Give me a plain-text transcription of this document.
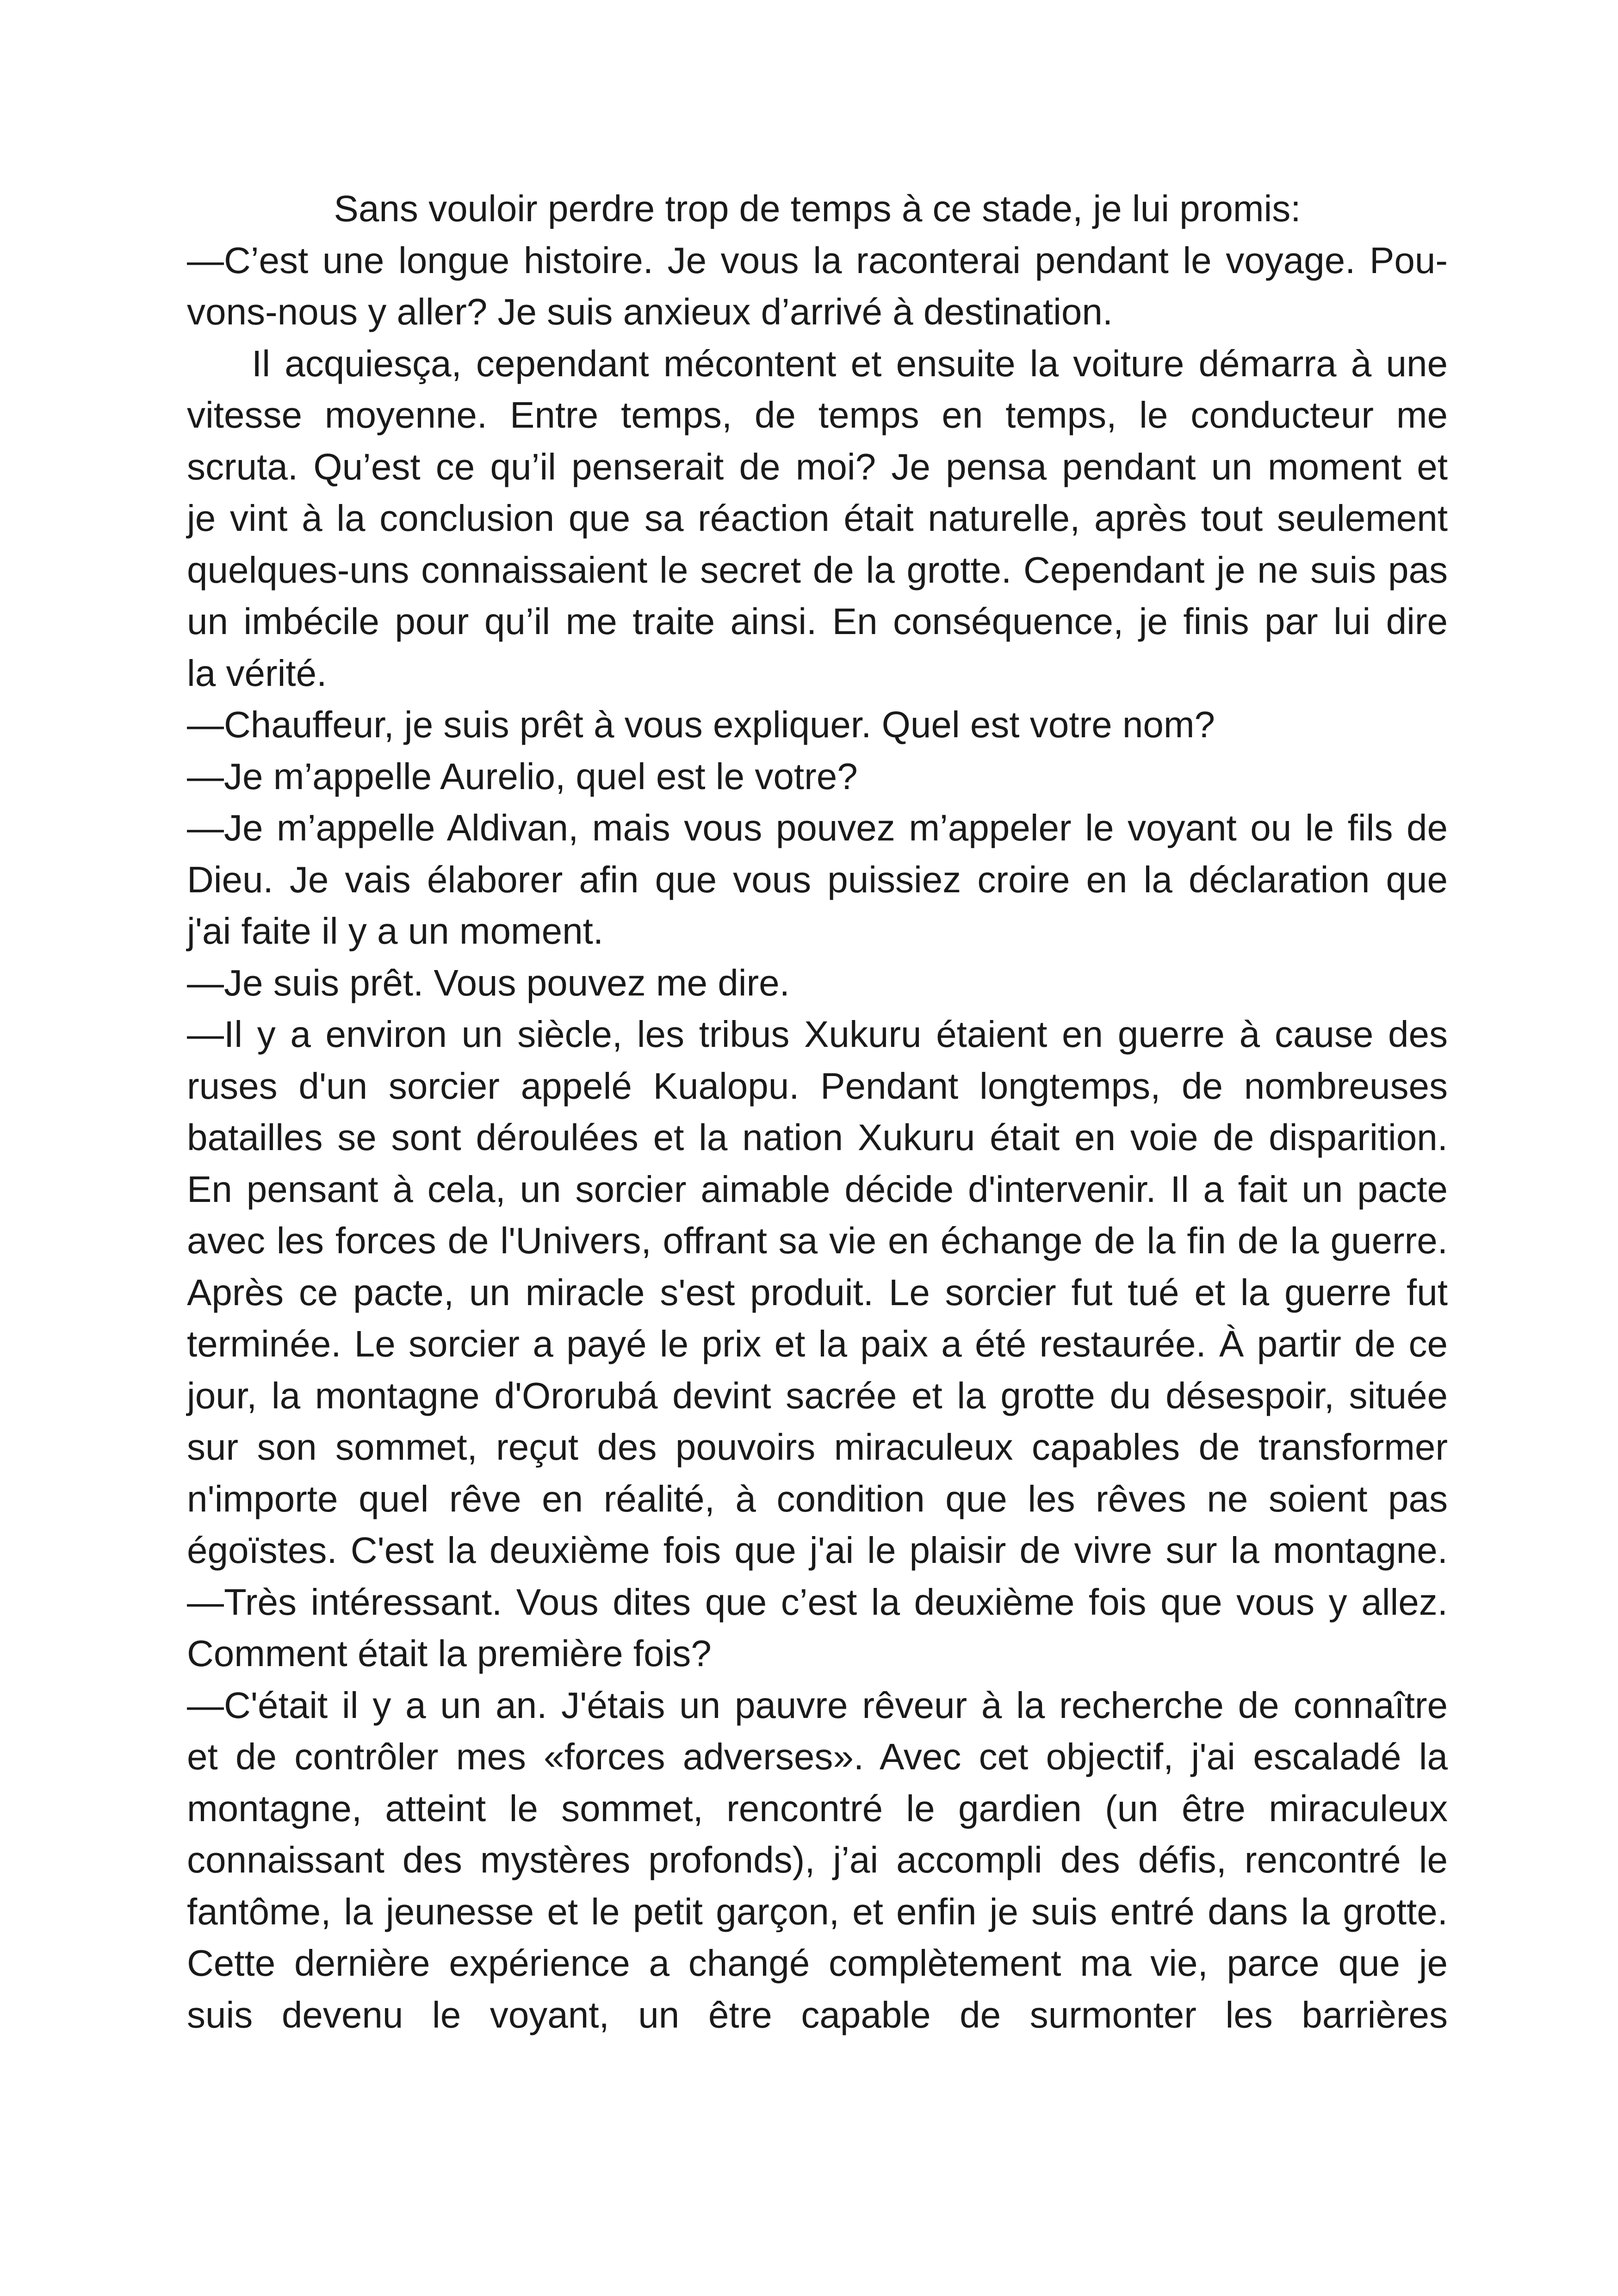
Sans vouloir perdre trop de temps à ce stade, je lui promis:
—C’est une longue histoire. Je vous la raconterai pendant le voyage. Pou-
vons-nous y aller? Je suis anxieux d’arrivé à destination.
Il acquiesça, cependant mécontent et ensuite la voiture démarra à une
vitesse moyenne. Entre temps, de temps en temps, le conducteur me
scruta. Qu’est ce qu’il penserait de moi? Je pensa pendant un moment et
je vint à la conclusion que sa réaction était naturelle, après tout seulement
quelques-uns connaissaient le secret de la grotte. Cependant je ne suis pas
un imbécile pour qu’il me traite ainsi. En conséquence, je finis par lui dire
la vérité.
—Chauffeur, je suis prêt à vous expliquer. Quel est votre nom?
—Je m’appelle Aurelio, quel est le votre?
—Je m’appelle Aldivan, mais vous pouvez m’appeler le voyant ou le fils de
Dieu. Je vais élaborer afin que vous puissiez croire en la déclaration que
j'ai faite il y a un moment.
—Je suis prêt. Vous pouvez me dire.
—Il y a environ un siècle, les tribus Xukuru étaient en guerre à cause des
ruses d'un sorcier appelé Kualopu. Pendant longtemps, de nombreuses
batailles se sont déroulées et la nation Xukuru était en voie de disparition.
En pensant à cela, un sorcier aimable décide d'intervenir. Il a fait un pacte
avec les forces de l'Univers, offrant sa vie en échange de la fin de la guerre.
Après ce pacte, un miracle s'est produit. Le sorcier fut tué et la guerre fut
terminée. Le sorcier a payé le prix et la paix a été restaurée. À partir de ce
jour, la montagne d'Ororubá devint sacrée et la grotte du désespoir, située
sur son sommet, reçut des pouvoirs miraculeux capables de transformer
n'importe quel rêve en réalité, à condition que les rêves ne soient pas
égoïstes. C'est la deuxième fois que j'ai le plaisir de vivre sur la montagne.
—Très intéressant. Vous dites que c’est la deuxième fois que vous y allez.
Comment était la première fois?
—C'était il y a un an. J'étais un pauvre rêveur à la recherche de connaître
et de contrôler mes «forces adverses». Avec cet objectif, j'ai escaladé la
montagne, atteint le sommet, rencontré le gardien (un être miraculeux
connaissant des mystères profonds), j’ai accompli des défis, rencontré le
fantôme, la jeunesse et le petit garçon, et enfin je suis entré dans la grotte.
Cette dernière expérience a changé complètement ma vie, parce que je
suis devenu le voyant, un être capable de surmonter les barrières
